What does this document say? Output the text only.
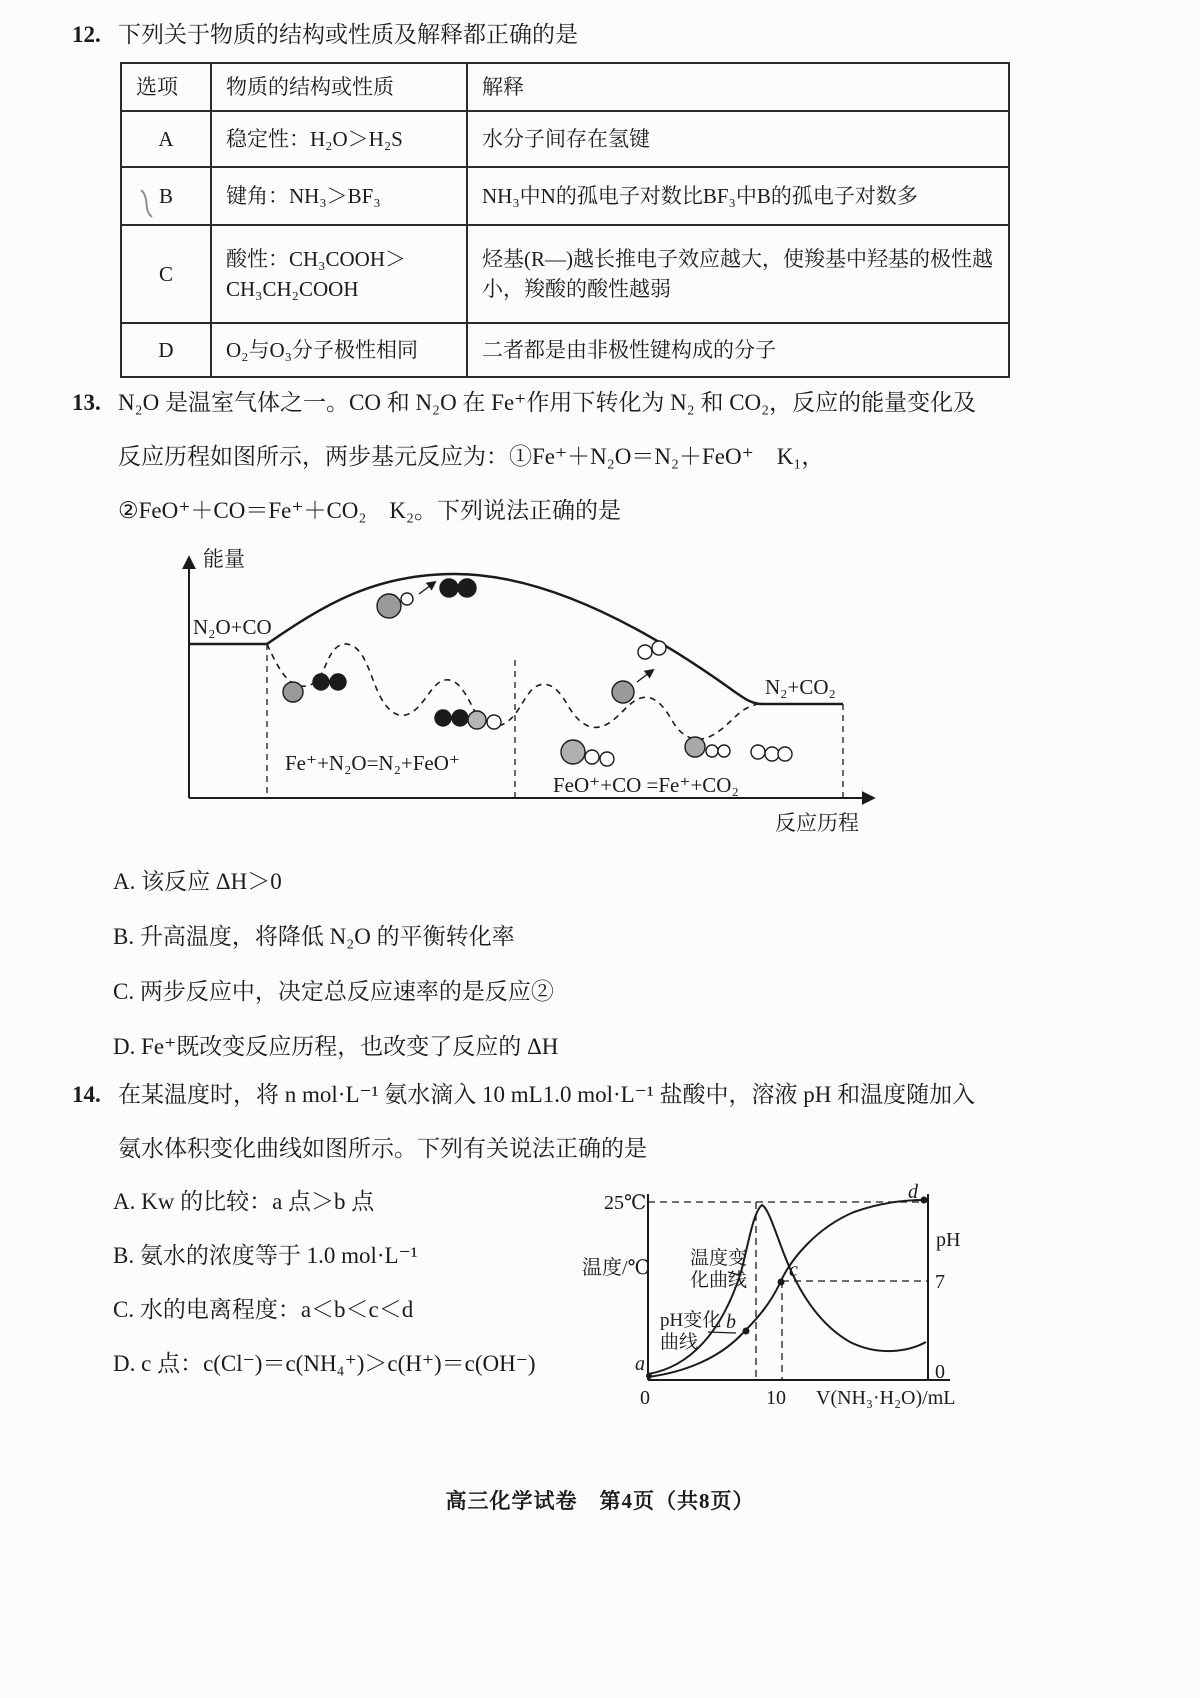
12. 下列关于物质的结构或性质及解释都正确的是
选项	物质的结构或性质	解释
A	稳定性：H₂O＞H₂S	水分子间存在氢键
B	键角：NH₃＞BF₃	NH₃中N的孤电子对数比BF₃中B的孤电子对数多
C	酸性：CH₃COOH＞CH₃CH₂COOH	烃基(R—)越长推电子效应越大，使羧基中羟基的极性越小，羧酸的酸性越弱
D	O₂与O₃分子极性相同	二者都是由非极性键构成的分子
13. N₂O 是温室气体之一。CO 和 N₂O 在 Fe⁺作用下转化为 N₂ 和 CO₂，反应的能量变化及
反应历程如图所示，两步基元反应为：①Fe⁺＋N₂O＝N₂＋FeO⁺　K₁，
②FeO⁺＋CO＝Fe⁺＋CO₂　K₂。下列说法正确的是
能量
反应历程
N₂O+CO
N₂+CO₂
Fe⁺+N₂O=N₂+FeO⁺
FeO⁺+CO =Fe⁺+CO₂
A. 该反应 ΔH＞0
B. 升高温度，将降低 N₂O 的平衡转化率
C. 两步反应中，决定总反应速率的是反应②
D. Fe⁺既改变反应历程，也改变了反应的 ΔH
14. 在某温度时，将 n mol·L⁻¹ 氨水滴入 10 mL1.0 mol·L⁻¹ 盐酸中，溶液 pH 和温度随加入
氨水体积变化曲线如图所示。下列有关说法正确的是
A. Kw 的比较：a 点＞b 点
B. 氨水的浓度等于 1.0 mol·L⁻¹
C. 水的电离程度：a＜b＜c＜d
D. c 点：c(Cl⁻)＝c(NH₄⁺)＞c(H⁺)＝c(OH⁻)
25℃
温度/℃ 温度变
化曲线
pH变化
曲线
a
b
c
d
pH
7
0
0	10 V(NH₃·H₂O)/mL
高三化学试卷　第4页（共8页）
